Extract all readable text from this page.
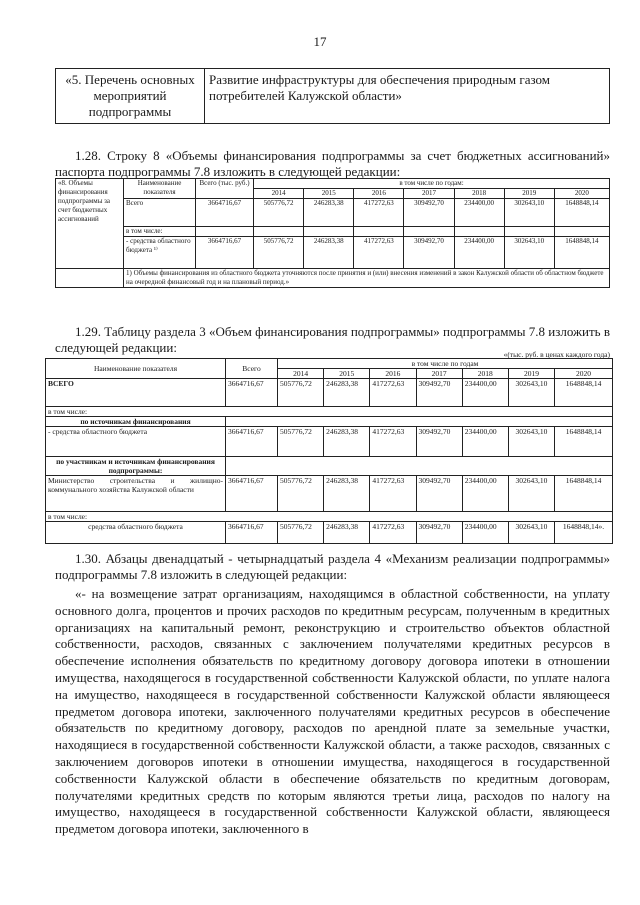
17
«5. Перечень основных мероприятий подпрограммы	Развитие инфраструктуры для обеспечения природным газом потребителей Калужской области»
1.28. Строку 8 «Объемы финансирования подпрограммы за счет бюджетных ассигнований» паспорта подпрограммы 7.8 изложить в следующей редакции:
«8. Объемы финансирования подпрограммы за счет бюджетных ассигнований	Наименование показателя	Всего (тыс. руб.)	в том числе по годам:						
			2014	2015	2016	2017	2018	2019	2020
	Всего	3664716,67	505776,72	246283,38	417272,63	309492,70	234400,00	302643,10	1648848,14
	в том числе:								
	- средства областного бюджета ¹⁾	3664716,67	505776,72	246283,38	417272,63	309492,70	234400,00	302643,10	1648848,14
	1) Объемы финансирования из областного бюджета уточняются после принятия и (или) внесения изменений в закон Калужской области об областном бюджете на очередной финансовый год и на плановый период.»								
1.29. Таблицу раздела 3 «Объем финансирования подпрограммы» подпрограммы 7.8 изложить в следующей редакции:	«(тыс. руб. в ценах каждого года)
Наименование показателя	Всего	в том числе по годам						
		2014	2015	2016	2017	2018	2019	2020
ВСЕГО	3664716,67	505776,72	246283,38	417272,63	309492,70	234400,00	302643,10	1648848,14
в том числе:								
по источникам финансирования								
- средства областного бюджета	3664716,67	505776,72	246283,38	417272,63	309492,70	234400,00	302643,10	1648848,14
по участникам и источникам финансирования подпрограммы:								
Министерство строительства и жилищно-коммунального хозяйства Калужской области	3664716,67	505776,72	246283,38	417272,63	309492,70	234400,00	302643,10	1648848,14
в том числе:								
средства областного бюджета	3664716,67	505776,72	246283,38	417272,63	309492,70	234400,00	302643,10	1648848,14».
1.30. Абзацы двенадцатый - четырнадцатый раздела 4 «Механизм реализации подпрограммы» подпрограммы 7.8 изложить в следующей редакции:
«- на возмещение затрат организациям, находящимся в областной собственности, на уплату основного долга, процентов и прочих расходов по кредитным ресурсам, полученным в кредитных организациях на капитальный ремонт, реконструкцию и строительство объектов областной собственности, расходов, связанных с заключением получателями кредитных ресурсов в обеспечение исполнения обязательств по кредитному договору договора ипотеки в отношении имущества, находящегося в государственной собственности Калужской области, по уплате налога на имущество, находящееся в государственной собственности Калужской области являющееся предметом договора ипотеки, заключенного получателями кредитных ресурсов в обеспечение обязательств по кредитному договору, расходов по арендной плате за земельные участки, находящиеся в государственной собственности Калужской области, а также расходов, связанных с заключением договоров ипотеки в отношении имущества, находящегося в государственной собственности Калужской области в обеспечение обязательств по кредитным договорам, получателями кредитных средств по которым являются третьи лица, расходов по налогу на имущество, находящееся в государственной собственности Калужской области, являющееся предметом договора ипотеки, заключенного в
